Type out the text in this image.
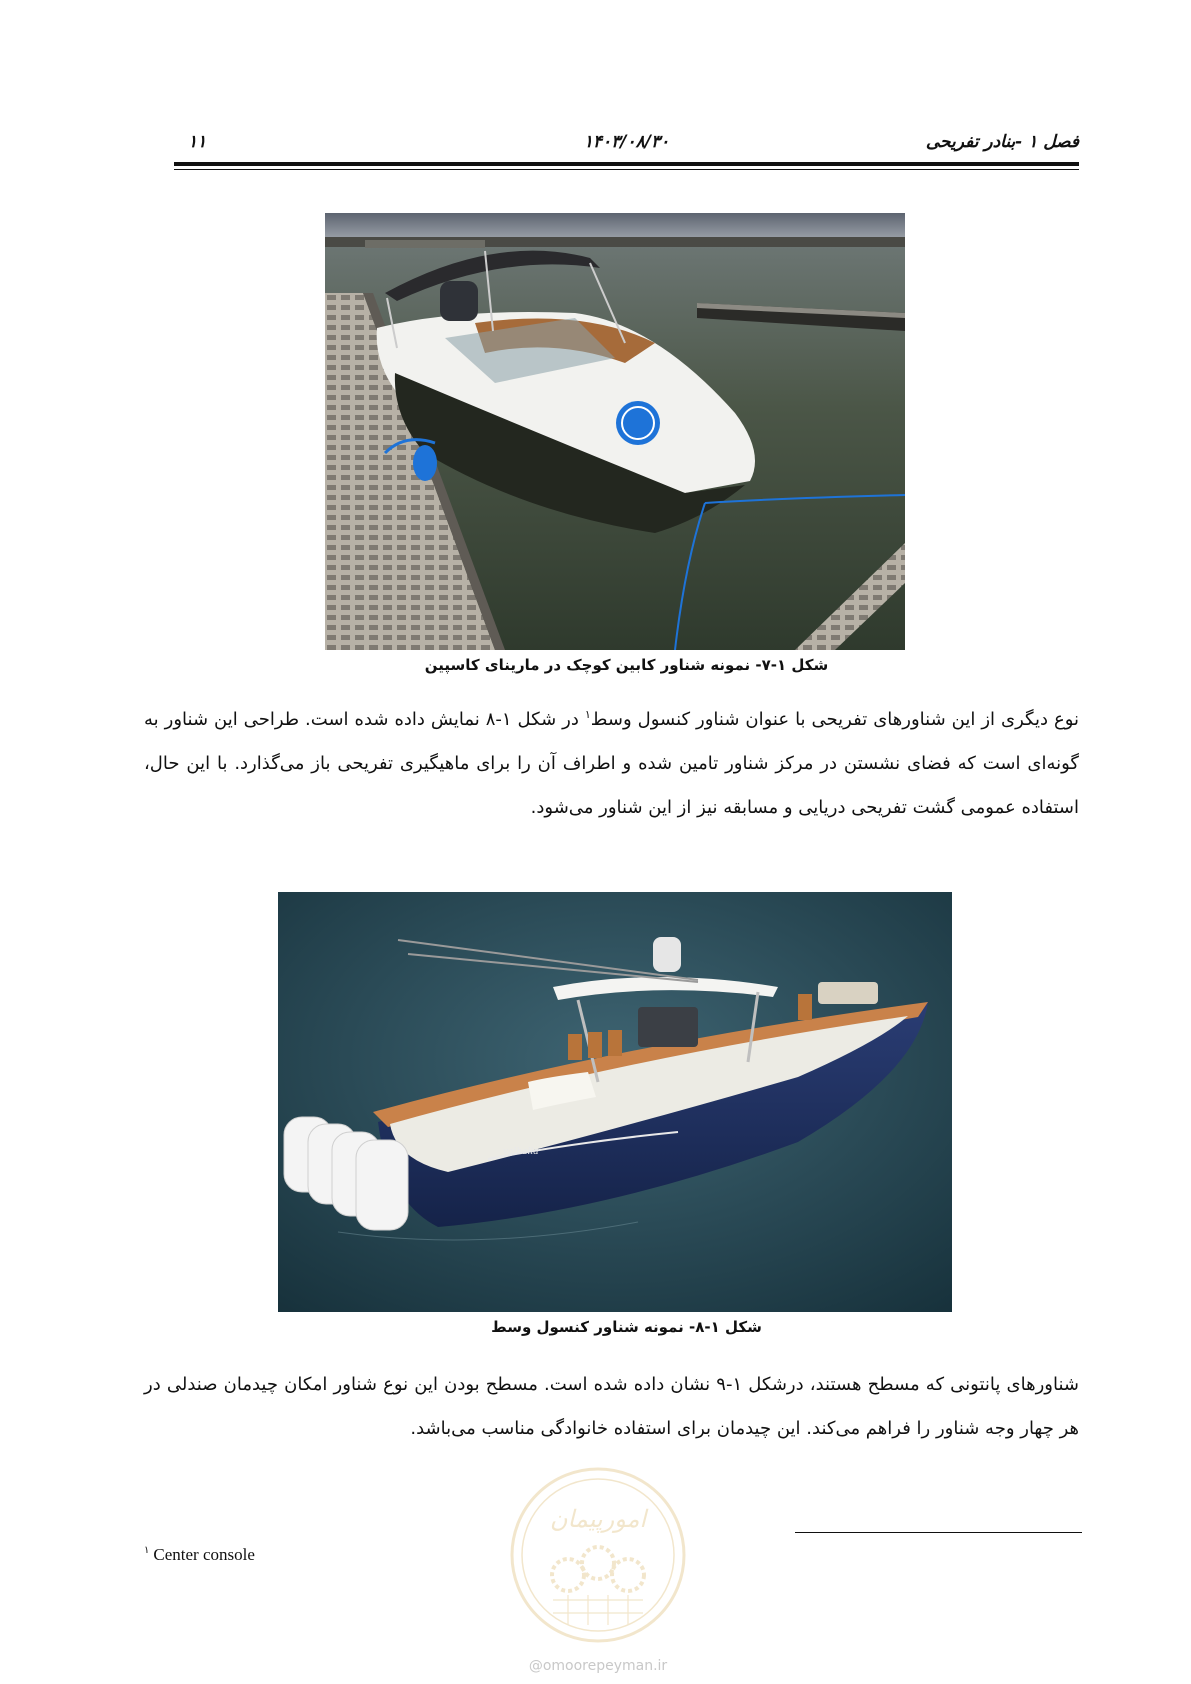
فصل ۱ -بنادر تفریحی
۱۴۰۳/۰۸/۳۰
۱۱
شکل ۱-۷- نمونه شناور کابین کوچک در مارینای کاسپین

نوع دیگری از این شناورهای تفریحی با عنوان شناور کنسول وسط$^۱$ در شکل ۱-۸ نمایش داده شده است. طراحی این شناور به گونه‌ای است که فضای نشستن در مرکز شناور تامین شده و اطراف آن را برای ماهیگیری تفریحی باز می‌گذارد. با این حال، استفاده عمومی گشت تفریحی دریایی و مسابقه نیز از این شناور می‌شود.

valhalla
شکل ۱-۸- نمونه شناور کنسول وسط

شناورهای پانتونی که مسطح هستند، درشکل ۱-۹ نشان داده شده است. مسطح بودن این نوع شناور امکان چیدمان صندلی در هر چهار وجه شناور را فراهم می‌کند. این چیدمان برای استفاده خانوادگی مناسب می‌باشد.

امورپیمان
@omoorepeyman.ir
$^۱$ Center console
